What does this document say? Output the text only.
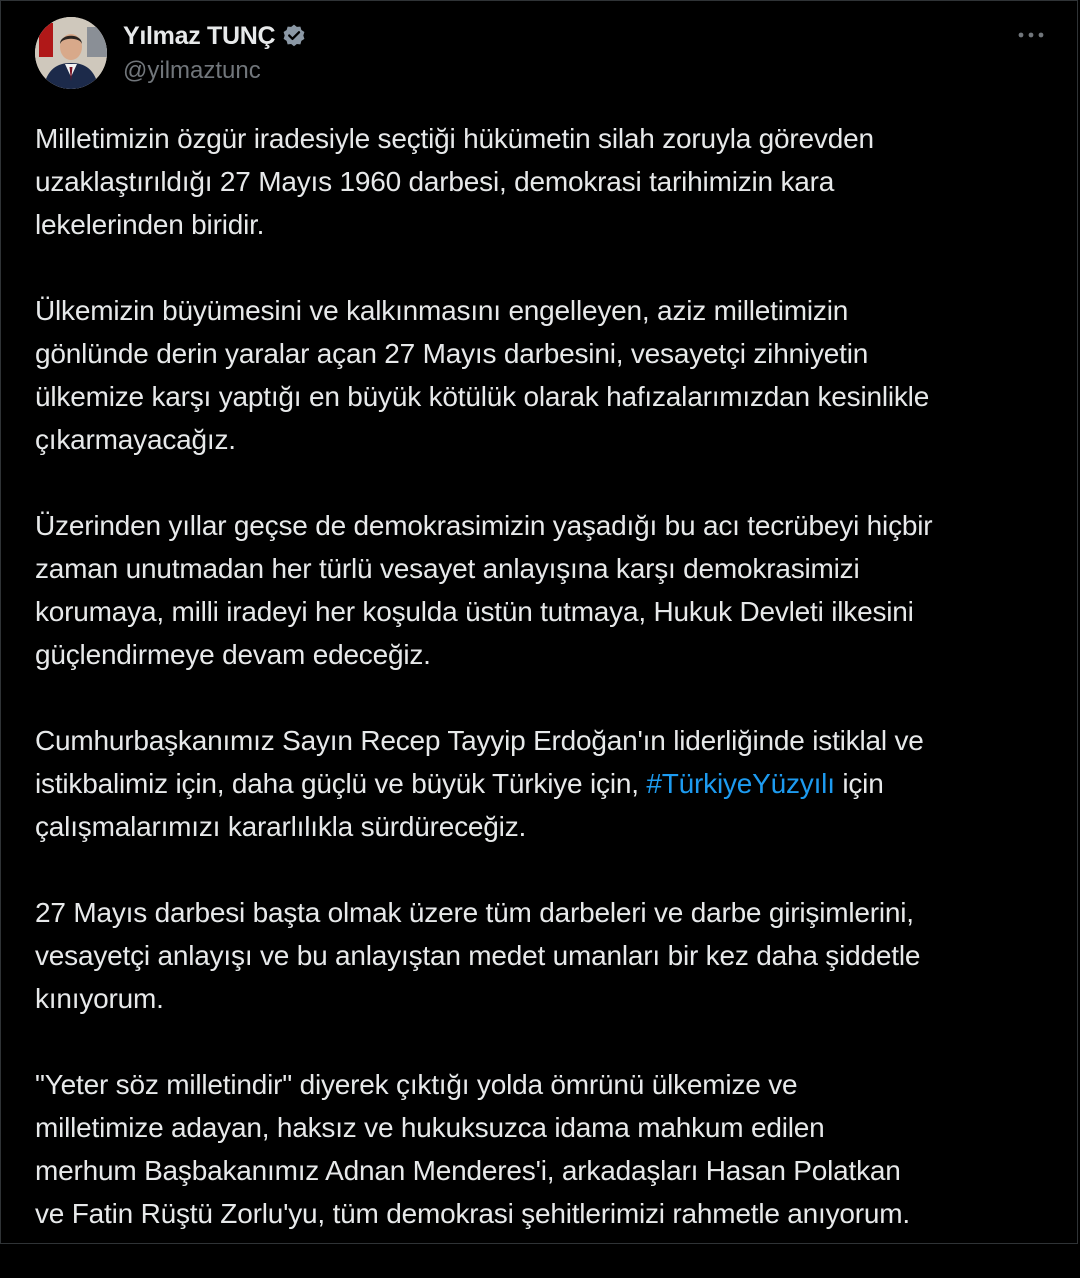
Yılmaz TUNÇ
@yilmaztunc

Milletimizin özgür iradesiyle seçtiği hükümetin silah zoruyla görevden
uzaklaştırıldığı 27 Mayıs 1960 darbesi, demokrasi tarihimizin kara
lekelerinden biridir.

Ülkemizin büyümesini ve kalkınmasını engelleyen, aziz milletimizin
gönlünde derin yaralar açan 27 Mayıs darbesini, vesayetçi zihniyetin
ülkemize karşı yaptığı en büyük kötülük olarak hafızalarımızdan kesinlikle
çıkarmayacağız.

Üzerinden yıllar geçse de demokrasimizin yaşadığı bu acı tecrübeyi hiçbir
zaman unutmadan her türlü vesayet anlayışına karşı demokrasimizi
korumaya, milli iradeyi her koşulda üstün tutmaya, Hukuk Devleti ilkesini
güçlendirmeye devam edeceğiz.

Cumhurbaşkanımız Sayın Recep Tayyip Erdoğan'ın liderliğinde istiklal ve
istikbalimiz için, daha güçlü ve büyük Türkiye için, #TürkiyeYüzyılı için
çalışmalarımızı kararlılıkla sürdüreceğiz.

27 Mayıs darbesi başta olmak üzere tüm darbeleri ve darbe girişimlerini,
vesayetçi anlayışı ve bu anlayıştan medet umanları bir kez daha şiddetle
kınıyorum.

"Yeter söz milletindir" diyerek çıktığı yolda ömrünü ülkemize ve
milletimize adayan, haksız ve hukuksuzca idama mahkum edilen
merhum Başbakanımız Adnan Menderes'i, arkadaşları Hasan Polatkan
ve Fatin Rüştü Zorlu'yu, tüm demokrasi şehitlerimizi rahmetle anıyorum.
